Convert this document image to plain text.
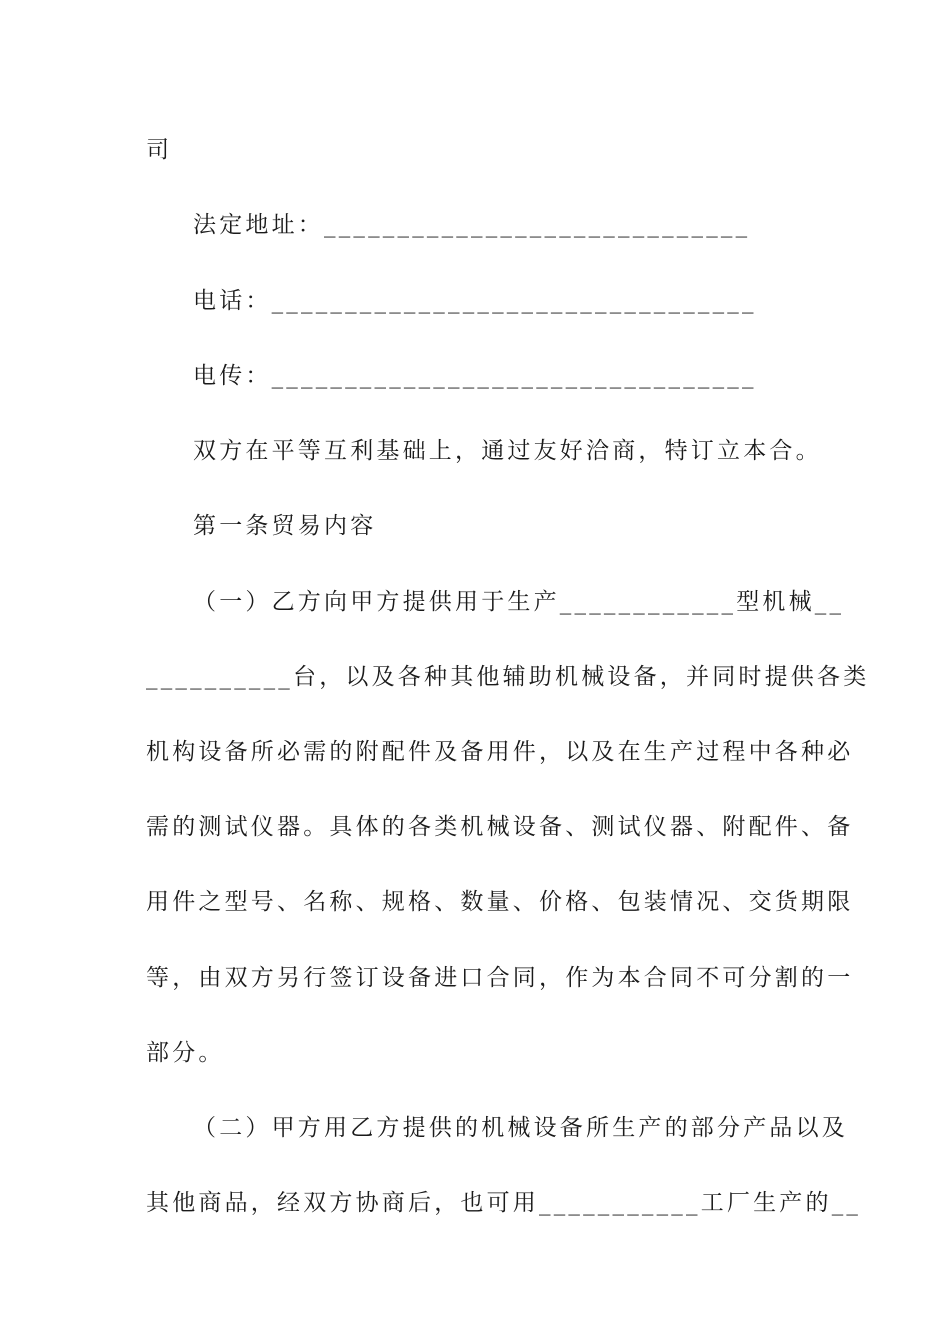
司
法定地址：_____________________________
电话：_________________________________
电传：_________________________________
双方在平等互利基础上，通过友好洽商，特订立本合。
第一条贸易内容
（一）乙方向甲方提供用于生产____________型机械__
__________台，以及各种其他辅助机械设备，并同时提供各类
机构设备所必需的附配件及备用件，以及在生产过程中各种必
需的测试仪器。具体的各类机械设备、测试仪器、附配件、备
用件之型号、名称、规格、数量、价格、包装情况、交货期限
等，由双方另行签订设备进口合同，作为本合同不可分割的一
部分。
（二）甲方用乙方提供的机械设备所生产的部分产品以及
其他商品，经双方协商后，也可用___________工厂生产的__
